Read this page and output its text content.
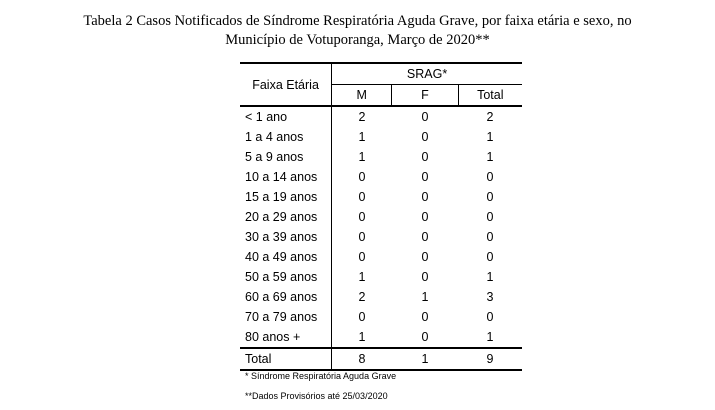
Tabela 2 Casos Notificados de Síndrome Respiratória Aguda Grave, por faixa etária e sexo, no
Município de Votuporanga, Março de 2020**
Faixa Etária	SRAG*		
	M	F	Total
< 1 ano	2	0	2
1 a 4 anos	1	0	1
5 a 9 anos	1	0	1
10 a 14 anos	0	0	0
15 a 19 anos	0	0	0
20 a 29 anos	0	0	0
30 a 39 anos	0	0	0
40 a 49 anos	0	0	0
50 a 59 anos	1	0	1
60 a 69 anos	2	1	3
70 a 79 anos	0	0	0
80 anos +	1	0	1
Total	8	1	9
* Síndrome Respiratória Aguda Grave
**Dados Provisórios até 25/03/2020
